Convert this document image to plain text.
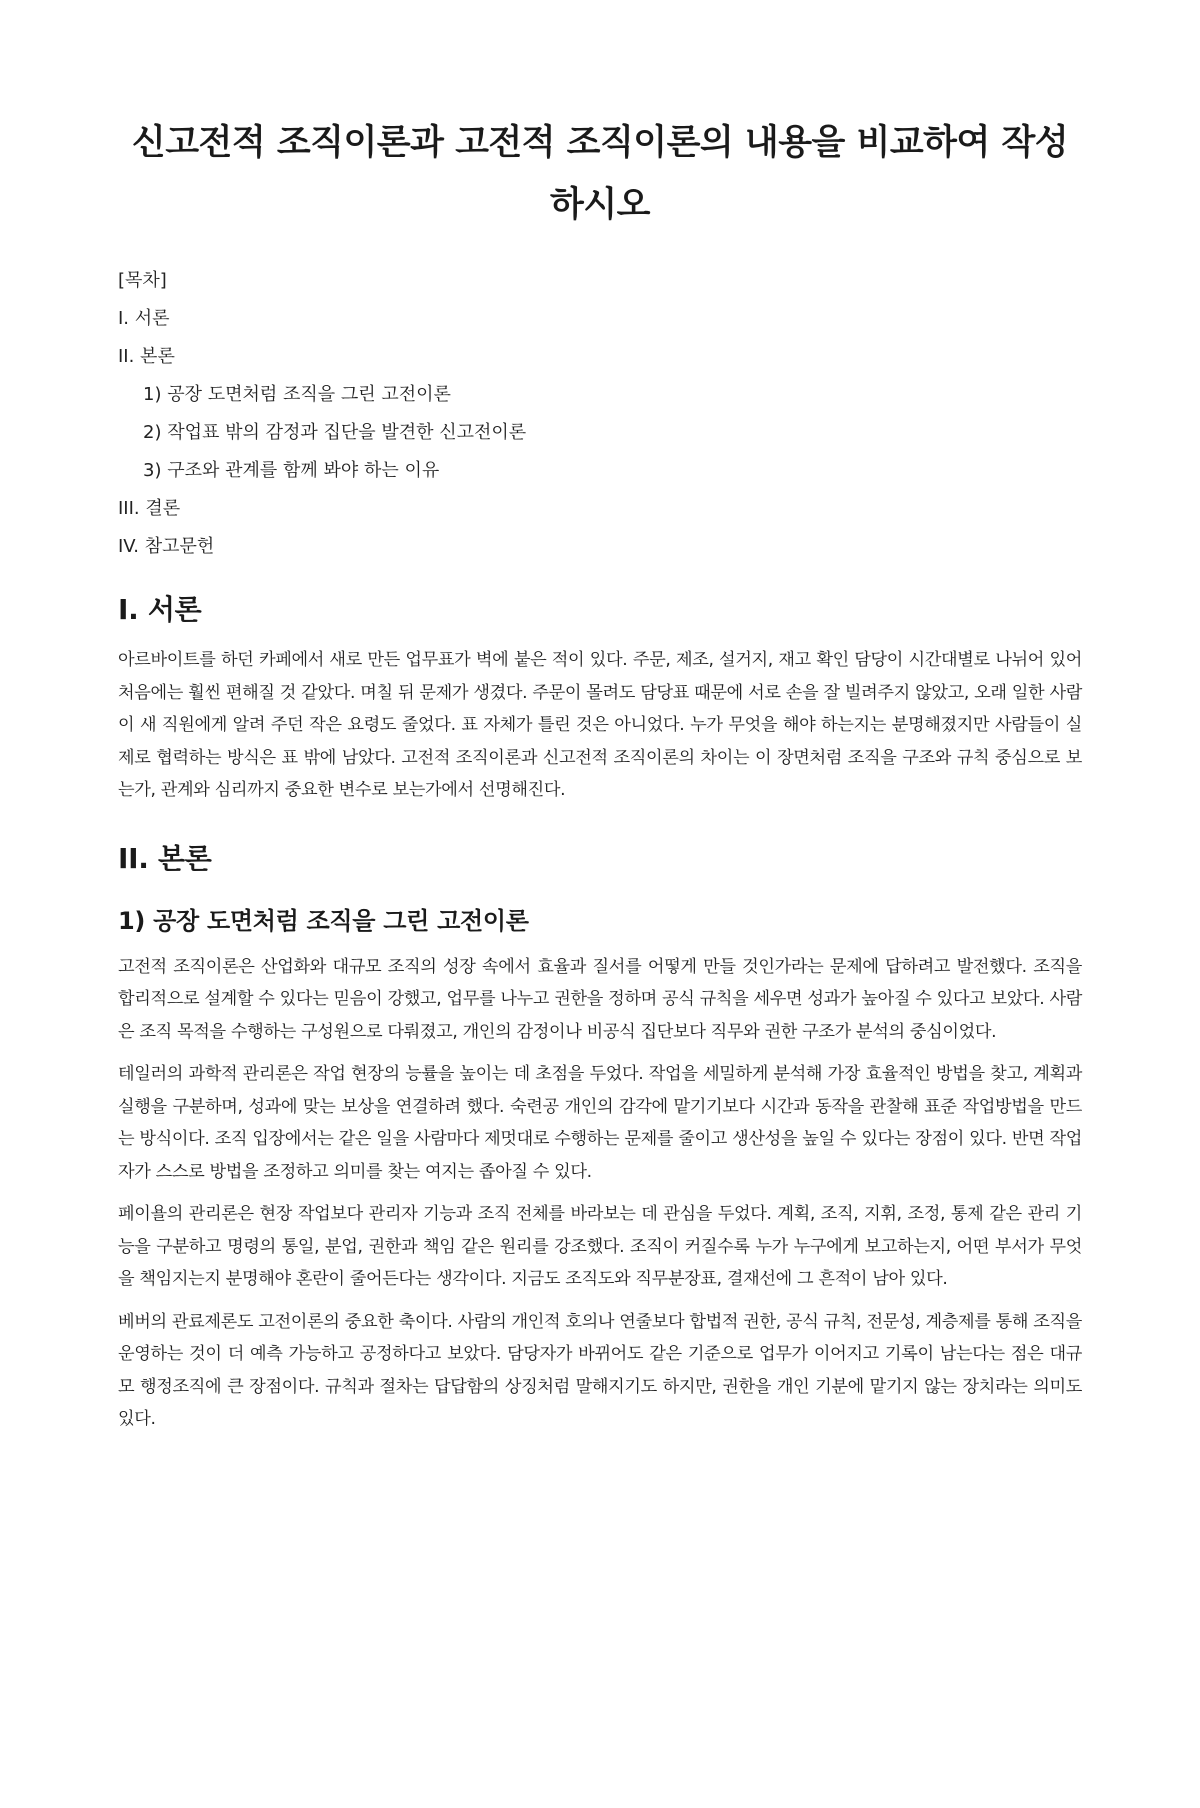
신고전적 조직이론과 고전적 조직이론의 내용을 비교하여 작성하시오
[목차]
I. 서론
II. 본론
1) 공장 도면처럼 조직을 그린 고전이론
2) 작업표 밖의 감정과 집단을 발견한 신고전이론
3) 구조와 관계를 함께 봐야 하는 이유
III. 결론
IV. 참고문헌
I. 서론

아르바이트를 하던 카페에서 새로 만든 업무표가 벽에 붙은 적이 있다. 주문, 제조, 설거지, 재고 확인 담당이 시간대별로 나뉘어 있어 처음에는 훨씬 편해질 것 같았다. 며칠 뒤 문제가 생겼다. 주문이 몰려도 담당표 때문에 서로 손을 잘 빌려주지 않았고, 오래 일한 사람이 새 직원에게 알려 주던 작은 요령도 줄었다. 표 자체가 틀린 것은 아니었다. 누가 무엇을 해야 하는지는 분명해졌지만 사람들이 실제로 협력하는 방식은 표 밖에 남았다. 고전적 조직이론과 신고전적 조직이론의 차이는 이 장면처럼 조직을 구조와 규칙 중심으로 보는가, 관계와 심리까지 중요한 변수로 보는가에서 선명해진다.

II. 본론
1) 공장 도면처럼 조직을 그린 고전이론

고전적 조직이론은 산업화와 대규모 조직의 성장 속에서 효율과 질서를 어떻게 만들 것인가라는 문제에 답하려고 발전했다. 조직을 합리적으로 설계할 수 있다는 믿음이 강했고, 업무를 나누고 권한을 정하며 공식 규칙을 세우면 성과가 높아질 수 있다고 보았다. 사람은 조직 목적을 수행하는 구성원으로 다뤄졌고, 개인의 감정이나 비공식 집단보다 직무와 권한 구조가 분석의 중심이었다.

테일러의 과학적 관리론은 작업 현장의 능률을 높이는 데 초점을 두었다. 작업을 세밀하게 분석해 가장 효율적인 방법을 찾고, 계획과 실행을 구분하며, 성과에 맞는 보상을 연결하려 했다. 숙련공 개인의 감각에 맡기기보다 시간과 동작을 관찰해 표준 작업방법을 만드는 방식이다. 조직 입장에서는 같은 일을 사람마다 제멋대로 수행하는 문제를 줄이고 생산성을 높일 수 있다는 장점이 있다. 반면 작업자가 스스로 방법을 조정하고 의미를 찾는 여지는 좁아질 수 있다.

페이욜의 관리론은 현장 작업보다 관리자 기능과 조직 전체를 바라보는 데 관심을 두었다. 계획, 조직, 지휘, 조정, 통제 같은 관리 기능을 구분하고 명령의 통일, 분업, 권한과 책임 같은 원리를 강조했다. 조직이 커질수록 누가 누구에게 보고하는지, 어떤 부서가 무엇을 책임지는지 분명해야 혼란이 줄어든다는 생각이다. 지금도 조직도와 직무분장표, 결재선에 그 흔적이 남아 있다.

베버의 관료제론도 고전이론의 중요한 축이다. 사람의 개인적 호의나 연줄보다 합법적 권한, 공식 규칙, 전문성, 계층제를 통해 조직을 운영하는 것이 더 예측 가능하고 공정하다고 보았다. 담당자가 바뀌어도 같은 기준으로 업무가 이어지고 기록이 남는다는 점은 대규모 행정조직에 큰 장점이다. 규칙과 절차는 답답함의 상징처럼 말해지기도 하지만, 권한을 개인 기분에 맡기지 않는 장치라는 의미도 있다.
